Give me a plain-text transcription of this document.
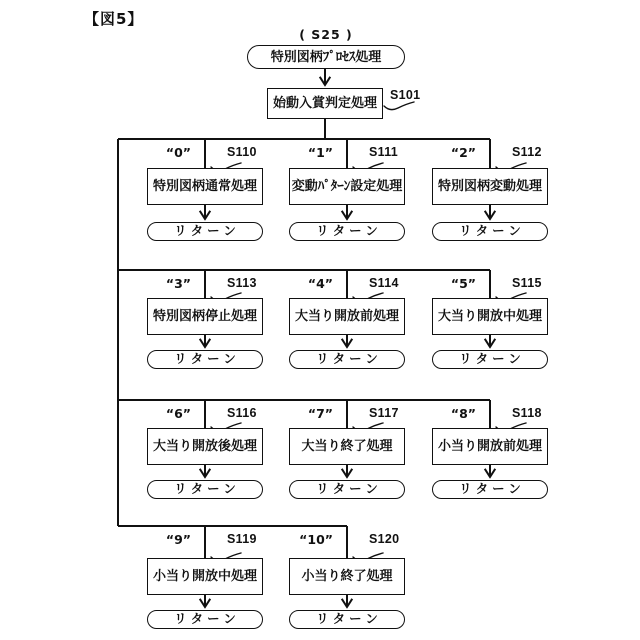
【図5】
( S25 )
特別図柄ﾌﾟﾛｾｽ処理
始動入賞判定処理
S101
“0”	S110
特別図柄通常処理
リターン
“1”	S111
変動ﾊﾟﾀｰﾝ設定処理
リターン
“2”	S112
特別図柄変動処理
リターン
“3”	S113
特別図柄停止処理
リターン
“4”	S114
大当り開放前処理
リターン
“5”	S115
大当り開放中処理
リターン
“6”	S116
大当り開放後処理
リターン
“7”	S117
大当り終了処理
リターン
“8”	S118
小当り開放前処理
リターン
“9”	S119
小当り開放中処理
リターン
“10”	S120
小当り終了処理
リターン
